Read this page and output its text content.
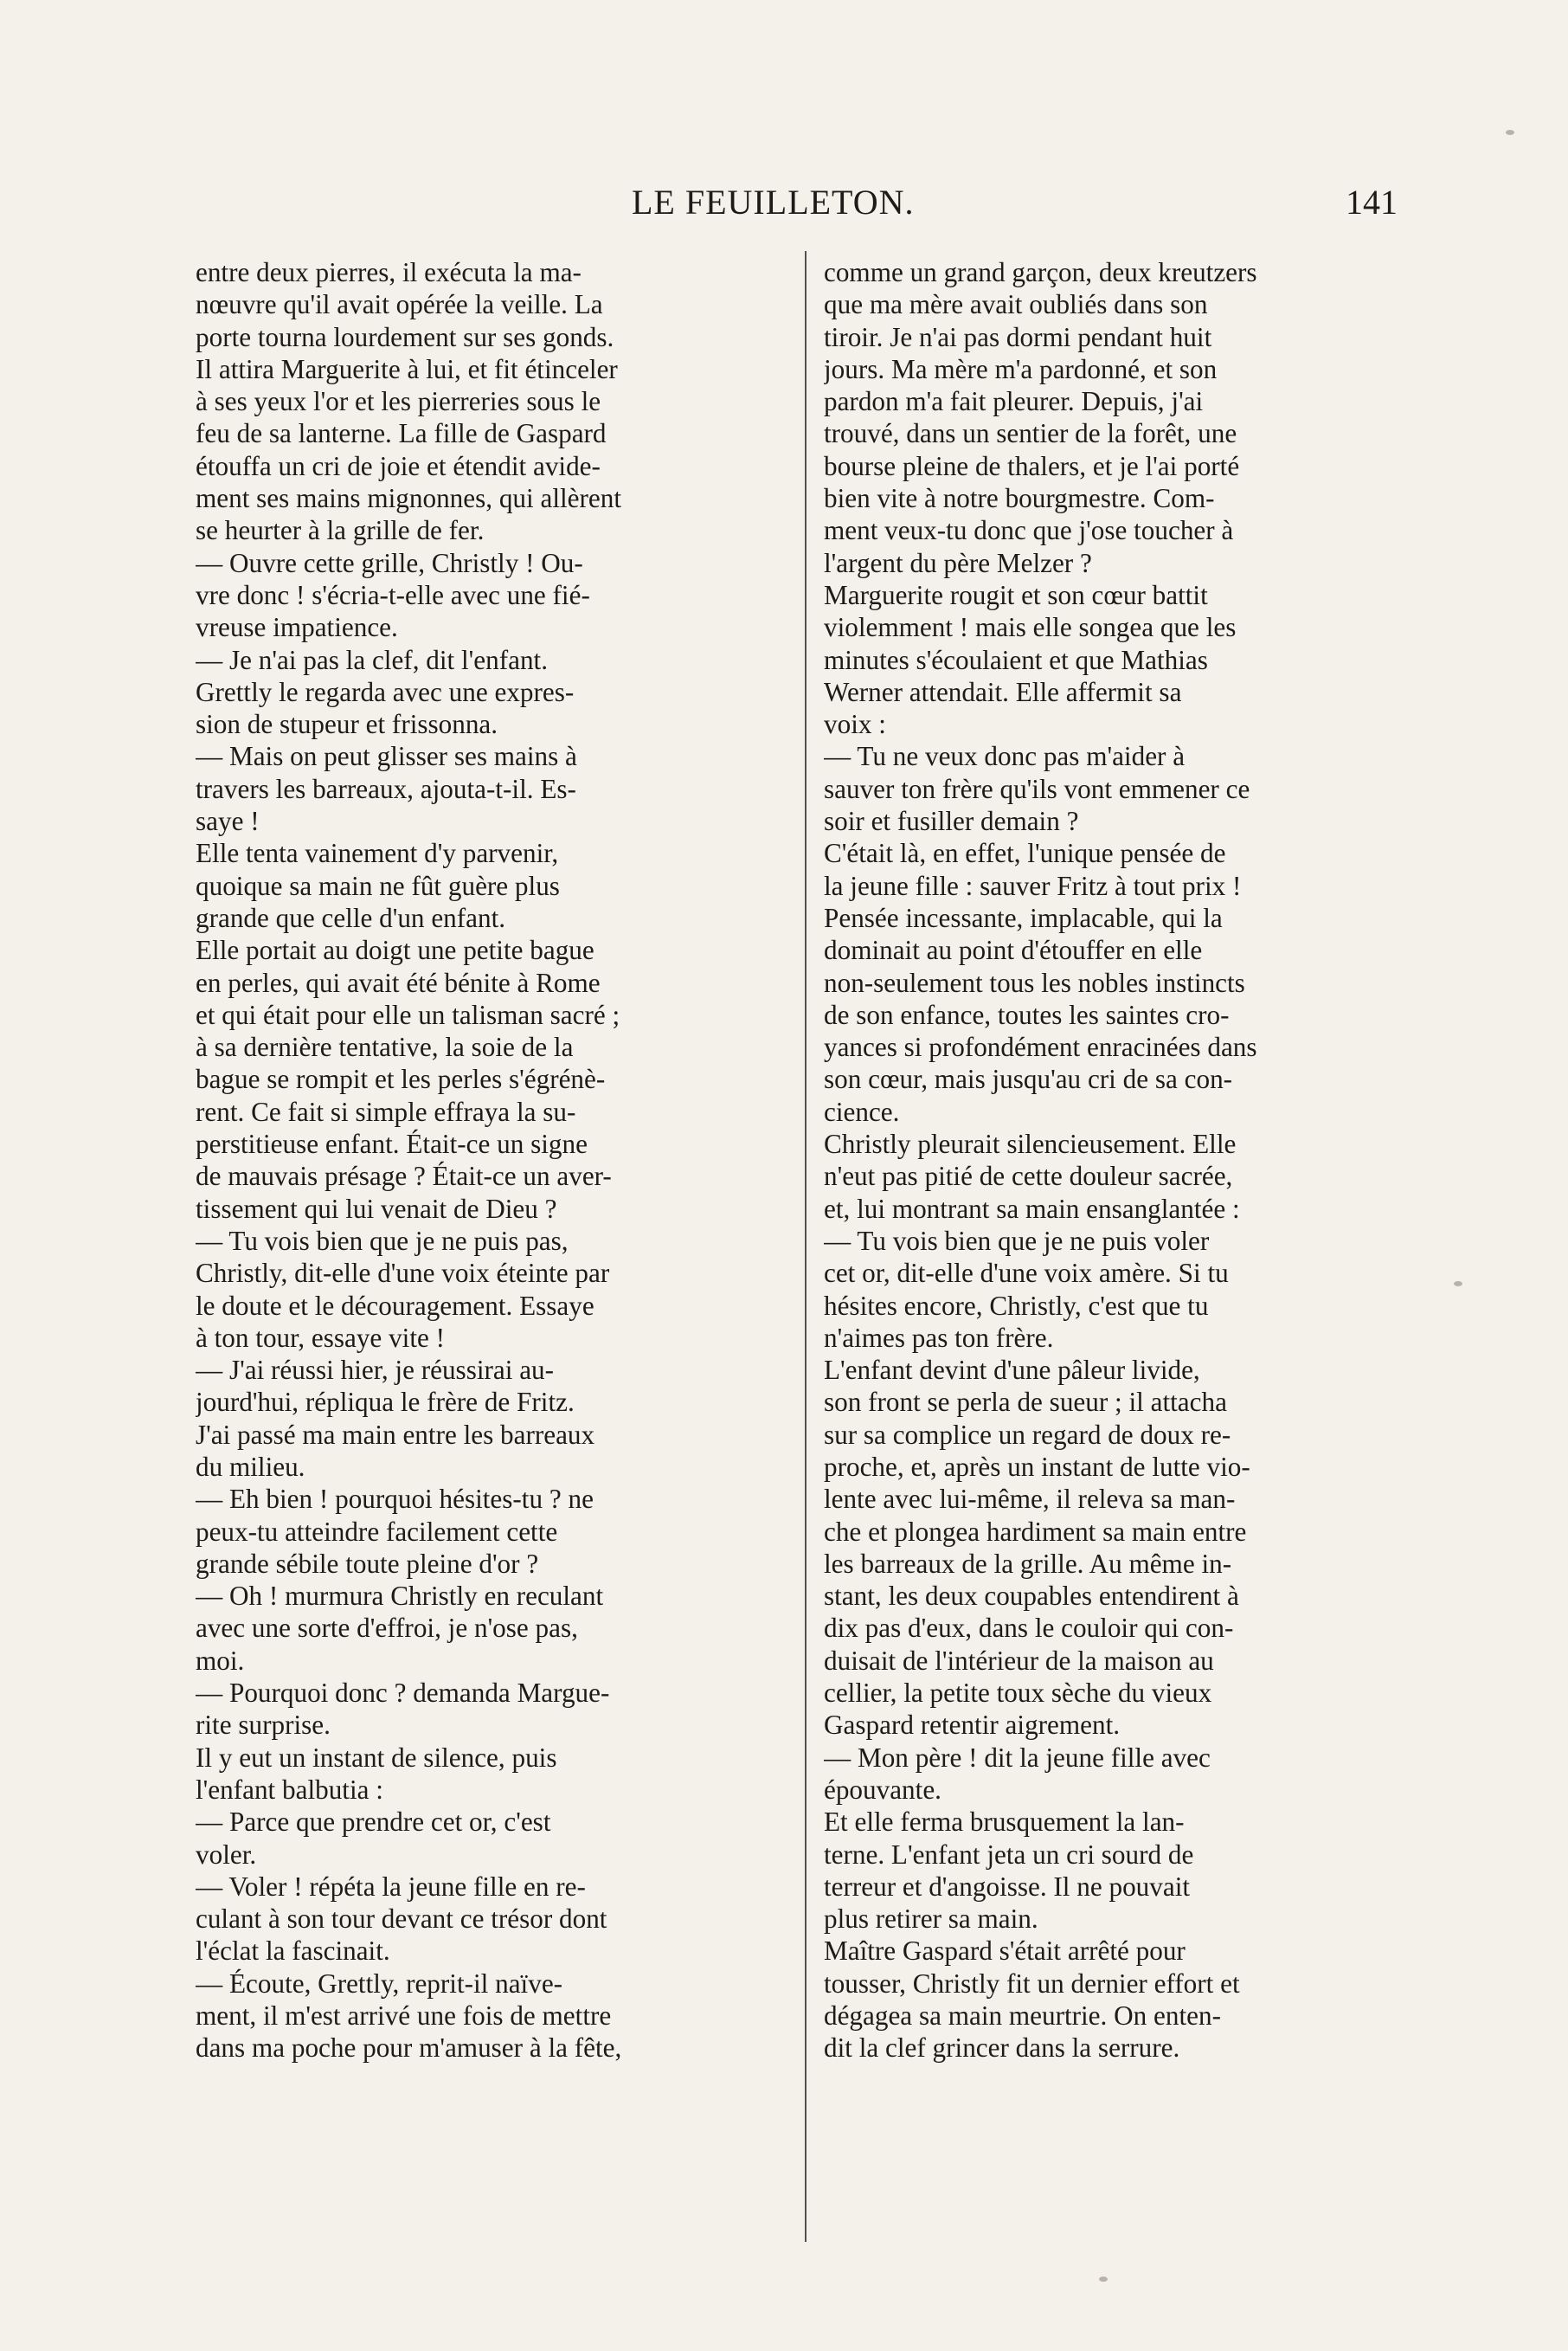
LE FEUILLETON.	141
entre deux pierres, il exécuta la ma-
nœuvre qu'il avait opérée la veille. La
porte tourna lourdement sur ses gonds.
Il attira Marguerite à lui, et fit étinceler
à ses yeux l'or et les pierreries sous le
feu de sa lanterne. La fille de Gaspard
étouffa un cri de joie et étendit avide-
ment ses mains mignonnes, qui allèrent
se heurter à la grille de fer.
— Ouvre cette grille, Christly ! Ou-
vre donc ! s'écria-t-elle avec une fié-
vreuse impatience.
— Je n'ai pas la clef, dit l'enfant.
Grettly le regarda avec une expres-
sion de stupeur et frissonna.
— Mais on peut glisser ses mains à
travers les barreaux, ajouta-t-il. Es-
saye !
Elle tenta vainement d'y parvenir,
quoique sa main ne fût guère plus
grande que celle d'un enfant.
Elle portait au doigt une petite bague
en perles, qui avait été bénite à Rome
et qui était pour elle un talisman sacré ;
à sa dernière tentative, la soie de la
bague se rompit et les perles s'égrénè-
rent. Ce fait si simple effraya la su-
perstitieuse enfant. Était-ce un signe
de mauvais présage ? Était-ce un aver-
tissement qui lui venait de Dieu ?
— Tu vois bien que je ne puis pas,
Christly, dit-elle d'une voix éteinte par
le doute et le découragement. Essaye
à ton tour, essaye vite !
— J'ai réussi hier, je réussirai au-
jourd'hui, répliqua le frère de Fritz.
J'ai passé ma main entre les barreaux
du milieu.
— Eh bien ! pourquoi hésites-tu ? ne
peux-tu atteindre facilement cette
grande sébile toute pleine d'or ?
— Oh ! murmura Christly en reculant
avec une sorte d'effroi, je n'ose pas,
moi.
— Pourquoi donc ? demanda Margue-
rite surprise.
Il y eut un instant de silence, puis
l'enfant balbutia :
— Parce que prendre cet or, c'est
voler.
— Voler ! répéta la jeune fille en re-
culant à son tour devant ce trésor dont
l'éclat la fascinait.
— Écoute, Grettly, reprit-il naïve-
ment, il m'est arrivé une fois de mettre
dans ma poche pour m'amuser à la fête,
comme un grand garçon, deux kreutzers
que ma mère avait oubliés dans son
tiroir. Je n'ai pas dormi pendant huit
jours. Ma mère m'a pardonné, et son
pardon m'a fait pleurer. Depuis, j'ai
trouvé, dans un sentier de la forêt, une
bourse pleine de thalers, et je l'ai porté
bien vite à notre bourgmestre. Com-
ment veux-tu donc que j'ose toucher à
l'argent du père Melzer ?
Marguerite rougit et son cœur battit
violemment ! mais elle songea que les
minutes s'écoulaient et que Mathias
Werner attendait. Elle affermit sa
voix :
— Tu ne veux donc pas m'aider à
sauver ton frère qu'ils vont emmener ce
soir et fusiller demain ?
C'était là, en effet, l'unique pensée de
la jeune fille : sauver Fritz à tout prix !
Pensée incessante, implacable, qui la
dominait au point d'étouffer en elle
non-seulement tous les nobles instincts
de son enfance, toutes les saintes cro-
yances si profondément enracinées dans
son cœur, mais jusqu'au cri de sa con-
cience.
Christly pleurait silencieusement. Elle
n'eut pas pitié de cette douleur sacrée,
et, lui montrant sa main ensanglantée :
— Tu vois bien que je ne puis voler
cet or, dit-elle d'une voix amère. Si tu
hésites encore, Christly, c'est que tu
n'aimes pas ton frère.
L'enfant devint d'une pâleur livide,
son front se perla de sueur ; il attacha
sur sa complice un regard de doux re-
proche, et, après un instant de lutte vio-
lente avec lui-même, il releva sa man-
che et plongea hardiment sa main entre
les barreaux de la grille. Au même in-
stant, les deux coupables entendirent à
dix pas d'eux, dans le couloir qui con-
duisait de l'intérieur de la maison au
cellier, la petite toux sèche du vieux
Gaspard retentir aigrement.
— Mon père ! dit la jeune fille avec
épouvante.
Et elle ferma brusquement la lan-
terne. L'enfant jeta un cri sourd de
terreur et d'angoisse. Il ne pouvait
plus retirer sa main.
Maître Gaspard s'était arrêté pour
tousser, Christly fit un dernier effort et
dégagea sa main meurtrie. On enten-
dit la clef grincer dans la serrure.
